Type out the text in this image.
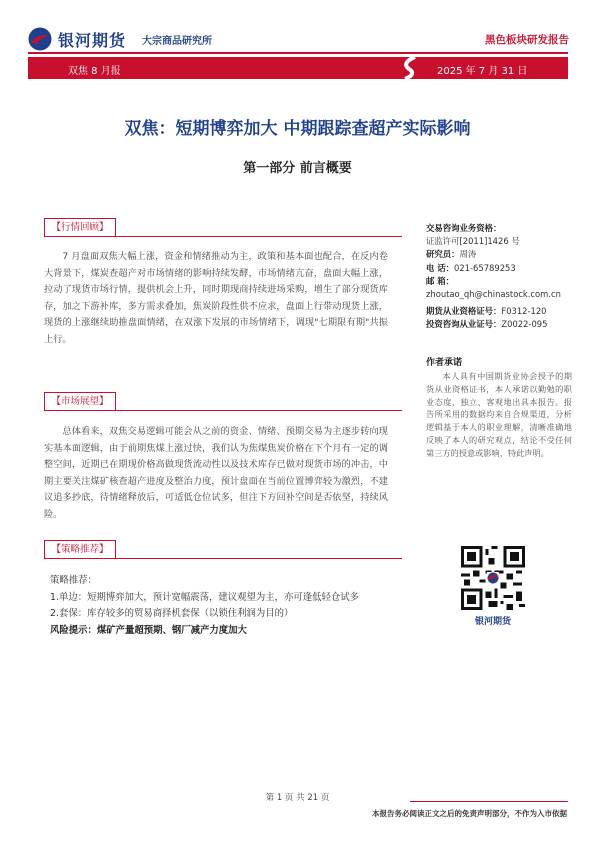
银河期货 大宗商品研究所	黑色板块研发报告
双焦 8 月报	2025 年 7 月 31 日
双焦：短期博弈加大 中期跟踪查超产实际影响
第一部分 前言概要
【行情回顾】
7 月盘面双焦大幅上涨，资金和情绪推动为主，政策和基本面也配合，在反内卷大背景下，煤炭查超产对市场情绪的影响持续发酵，市场情绪亢奋，盘面大幅上涨，拉动了现货市场行情，提供机会上升，同时期现商持续进场采购，增生了部分现货库存，加之下游补库，多方需求叠加，焦炭阶段性供不应求，盘面上行带动现货上涨，现货的上涨继续助推盘面情绪，在双涨下发展的市场情绪下，调现"七期限有期"共振上行。
【市场展望】
总体看来，双焦交易逻辑可能会从之前的资金、情绪、预期交易为主逐步转向现实基本面逻辑，由于前期焦煤上涨过快，我们认为焦煤焦炭价格在下个月有一定的调整空间，近期已在期现价格高做现货流动性以及技术库存已做对现货市场的冲击，中期主要关注煤矿核查超产进度及整治力度，预计盘面在当前位置博弈较为激烈，不建议追多抄底，待情绪释放后，可适低仓位试多，但注下方回补空间是否依坚，持续风险。
【策略推荐】
策略推荐：
1.单边：短期博弈加大，预计宽幅震荡，建议观望为主，亦可逢低轻仓试多
2.套保：库存较多的贸易商择机套保（以锁住利润为目的）
风险提示：煤矿产量超预期、钢厂减产力度加大
交易咨询业务资格：
证监许可[2011]1426 号
研究员：周涛
电 话：021-65789253
邮 箱：
zhoutao_qh@chinastock.com.cn
期货从业资格证号：F0312-120
投资咨询从业证号：Z0022-095
作者承诺
本人具有中国期货业协会授予的期货从业资格证书，本人承诺以勤勉的职业态度，独立、客观地出具本报告。报告所采用的数据均来自合规渠道，分析逻辑基于本人的职业理解，清晰准确地反映了本人的研究观点，结论不受任何第三方的授意或影响，特此声明。
银河期货
第 1 页 共 21 页
本报告务必阅读正文之后的免责声明部分，不作为入市依据
